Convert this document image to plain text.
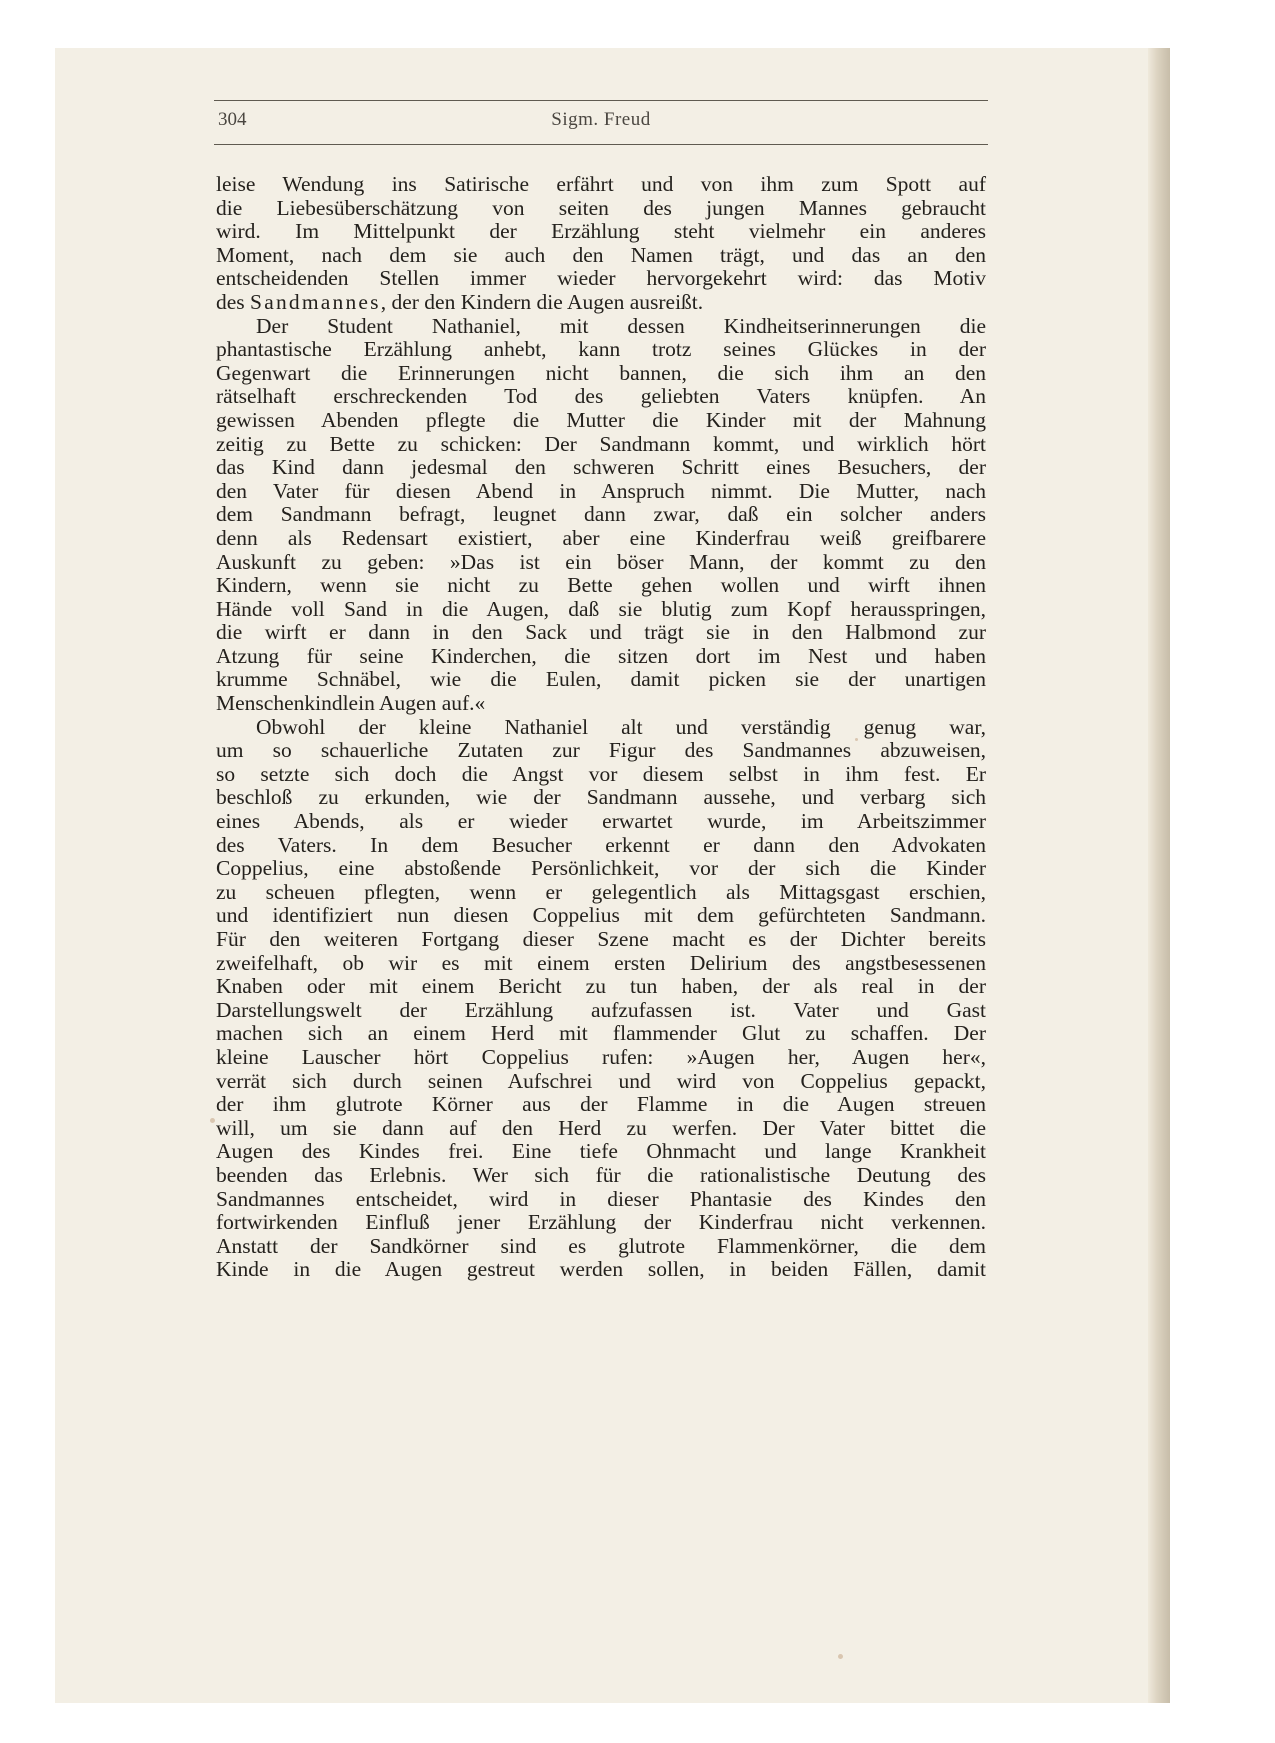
304	Sigm. Freud
leise Wendung ins Satirische erfährt und von ihm zum Spott auf
die Liebesüberschätzung von seiten des jungen Mannes gebraucht
wird. Im Mittelpunkt der Erzählung steht vielmehr ein anderes
Moment, nach dem sie auch den Namen trägt, und das an den
entscheidenden Stellen immer wieder hervorgekehrt wird: das Motiv
des Sandmannes, der den Kindern die Augen ausreißt.
Der Student Nathaniel, mit dessen Kindheitserinnerungen die
phantastische Erzählung anhebt, kann trotz seines Glückes in der
Gegenwart die Erinnerungen nicht bannen, die sich ihm an den
rätselhaft erschreckenden Tod des geliebten Vaters knüpfen. An
gewissen Abenden pflegte die Mutter die Kinder mit der Mahnung
zeitig zu Bette zu schicken: Der Sandmann kommt, und wirklich hört
das Kind dann jedesmal den schweren Schritt eines Besuchers, der
den Vater für diesen Abend in Anspruch nimmt. Die Mutter, nach
dem Sandmann befragt, leugnet dann zwar, daß ein solcher anders
denn als Redensart existiert, aber eine Kinderfrau weiß greifbarere
Auskunft zu geben: »Das ist ein böser Mann, der kommt zu den
Kindern, wenn sie nicht zu Bette gehen wollen und wirft ihnen
Hände voll Sand in die Augen, daß sie blutig zum Kopf herausspringen,
die wirft er dann in den Sack und trägt sie in den Halbmond zur
Atzung für seine Kinderchen, die sitzen dort im Nest und haben
krumme Schnäbel, wie die Eulen, damit picken sie der unartigen
Menschenkindlein Augen auf.«
Obwohl der kleine Nathaniel alt und verständig genug war,
um so schauerliche Zutaten zur Figur des Sandmannes abzuweisen,
so setzte sich doch die Angst vor diesem selbst in ihm fest. Er
beschloß zu erkunden, wie der Sandmann aussehe, und verbarg sich
eines Abends, als er wieder erwartet wurde, im Arbeitszimmer
des Vaters. In dem Besucher erkennt er dann den Advokaten
Coppelius, eine abstoßende Persönlichkeit, vor der sich die Kinder
zu scheuen pflegten, wenn er gelegentlich als Mittagsgast erschien,
und identifiziert nun diesen Coppelius mit dem gefürchteten Sandmann.
Für den weiteren Fortgang dieser Szene macht es der Dichter bereits
zweifelhaft, ob wir es mit einem ersten Delirium des angstbesessenen
Knaben oder mit einem Bericht zu tun haben, der als real in der
Darstellungswelt der Erzählung aufzufassen ist. Vater und Gast
machen sich an einem Herd mit flammender Glut zu schaffen. Der
kleine Lauscher hört Coppelius rufen: »Augen her, Augen her«,
verrät sich durch seinen Aufschrei und wird von Coppelius gepackt,
der ihm glutrote Körner aus der Flamme in die Augen streuen
will, um sie dann auf den Herd zu werfen. Der Vater bittet die
Augen des Kindes frei. Eine tiefe Ohnmacht und lange Krankheit
beenden das Erlebnis. Wer sich für die rationalistische Deutung des
Sandmannes entscheidet, wird in dieser Phantasie des Kindes den
fortwirkenden Einfluß jener Erzählung der Kinderfrau nicht verkennen.
Anstatt der Sandkörner sind es glutrote Flammenkörner, die dem
Kinde in die Augen gestreut werden sollen, in beiden Fällen, damit
